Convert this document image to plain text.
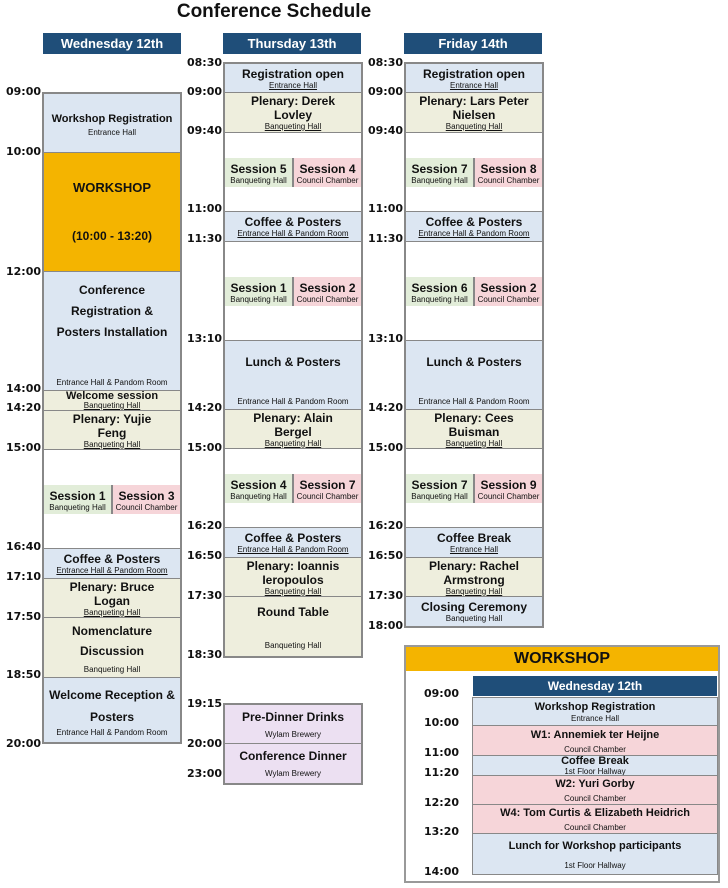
Conference Schedule
Wednesday 12th	Thursday 13th	Friday 14th
09:00
10:00
12:00
14:00
14:20
15:00
16:40
17:10
17:50
18:50
20:00
Workshop Registration
Entrance Hall
WORKSHOP
(10:00 - 13:20)
Conference Registration & Posters Installation
Entrance Hall & Pandom Room
Welcome session
Banqueting Hall
Plenary: Yujie Feng
Banqueting Hall
Session 1
Banqueting Hall
Session 3
Council Chamber
Coffee & Posters
Entrance Hall & Pandom Room
Plenary: Bruce Logan
Banqueting Hall
Nomenclature Discussion
Banqueting Hall
Welcome Reception & Posters
Entrance Hall & Pandom Room
08:30
09:00
09:40
11:00
11:30
13:10
14:20
15:00
16:20
16:50
17:30
18:30
19:15
20:00
23:00
Registration open
Entrance Hall
Plenary: Derek Lovley
Banqueting Hall
Session 5
Banqueting Hall
Session 4
Council Chamber
Coffee & Posters
Entrance Hall & Pandom Room
Session 1
Banqueting Hall
Session 2
Council Chamber
Lunch & Posters
Entrance Hall & Pandom Room
Plenary: Alain Bergel
Banqueting Hall
Session 4
Banqueting Hall
Session 7
Council Chamber
Coffee & Posters
Entrance Hall & Pandom Room
Plenary: Ioannis Ieropoulos
Banqueting Hall
Round Table
Banqueting Hall
Pre-Dinner Drinks
Wylam Brewery
Conference Dinner
Wylam Brewery
08:30
09:00
09:40
11:00
11:30
13:10
14:20
15:00
16:20
16:50
17:30
18:00
Registration open
Entrance Hall
Plenary: Lars Peter Nielsen
Banqueting Hall
Session 7
Banqueting Hall
Session 8
Council Chamber
Coffee & Posters
Entrance Hall & Pandom Room
Session 6
Banqueting Hall
Session 2
Council Chamber
Lunch & Posters
Entrance Hall & Pandom Room
Plenary: Cees Buisman
Banqueting Hall
Session 7
Banqueting Hall
Session 9
Council Chamber
Coffee Break
Entrance Hall
Plenary: Rachel Armstrong
Banqueting Hall
Closing Ceremony
Banqueting Hall
WORKSHOP
Wednesday 12th
09:00
10:00
11:00
11:20
12:20
13:20
14:00
Workshop Registration
Entrance Hall
W1: Annemiek ter Heijne
Council Chamber
Coffee Break
1st Floor Hallway
W2: Yuri Gorby
Council Chamber
W4: Tom Curtis & Elizabeth Heidrich
Council Chamber
Lunch for Workshop participants
1st Floor Hallway
